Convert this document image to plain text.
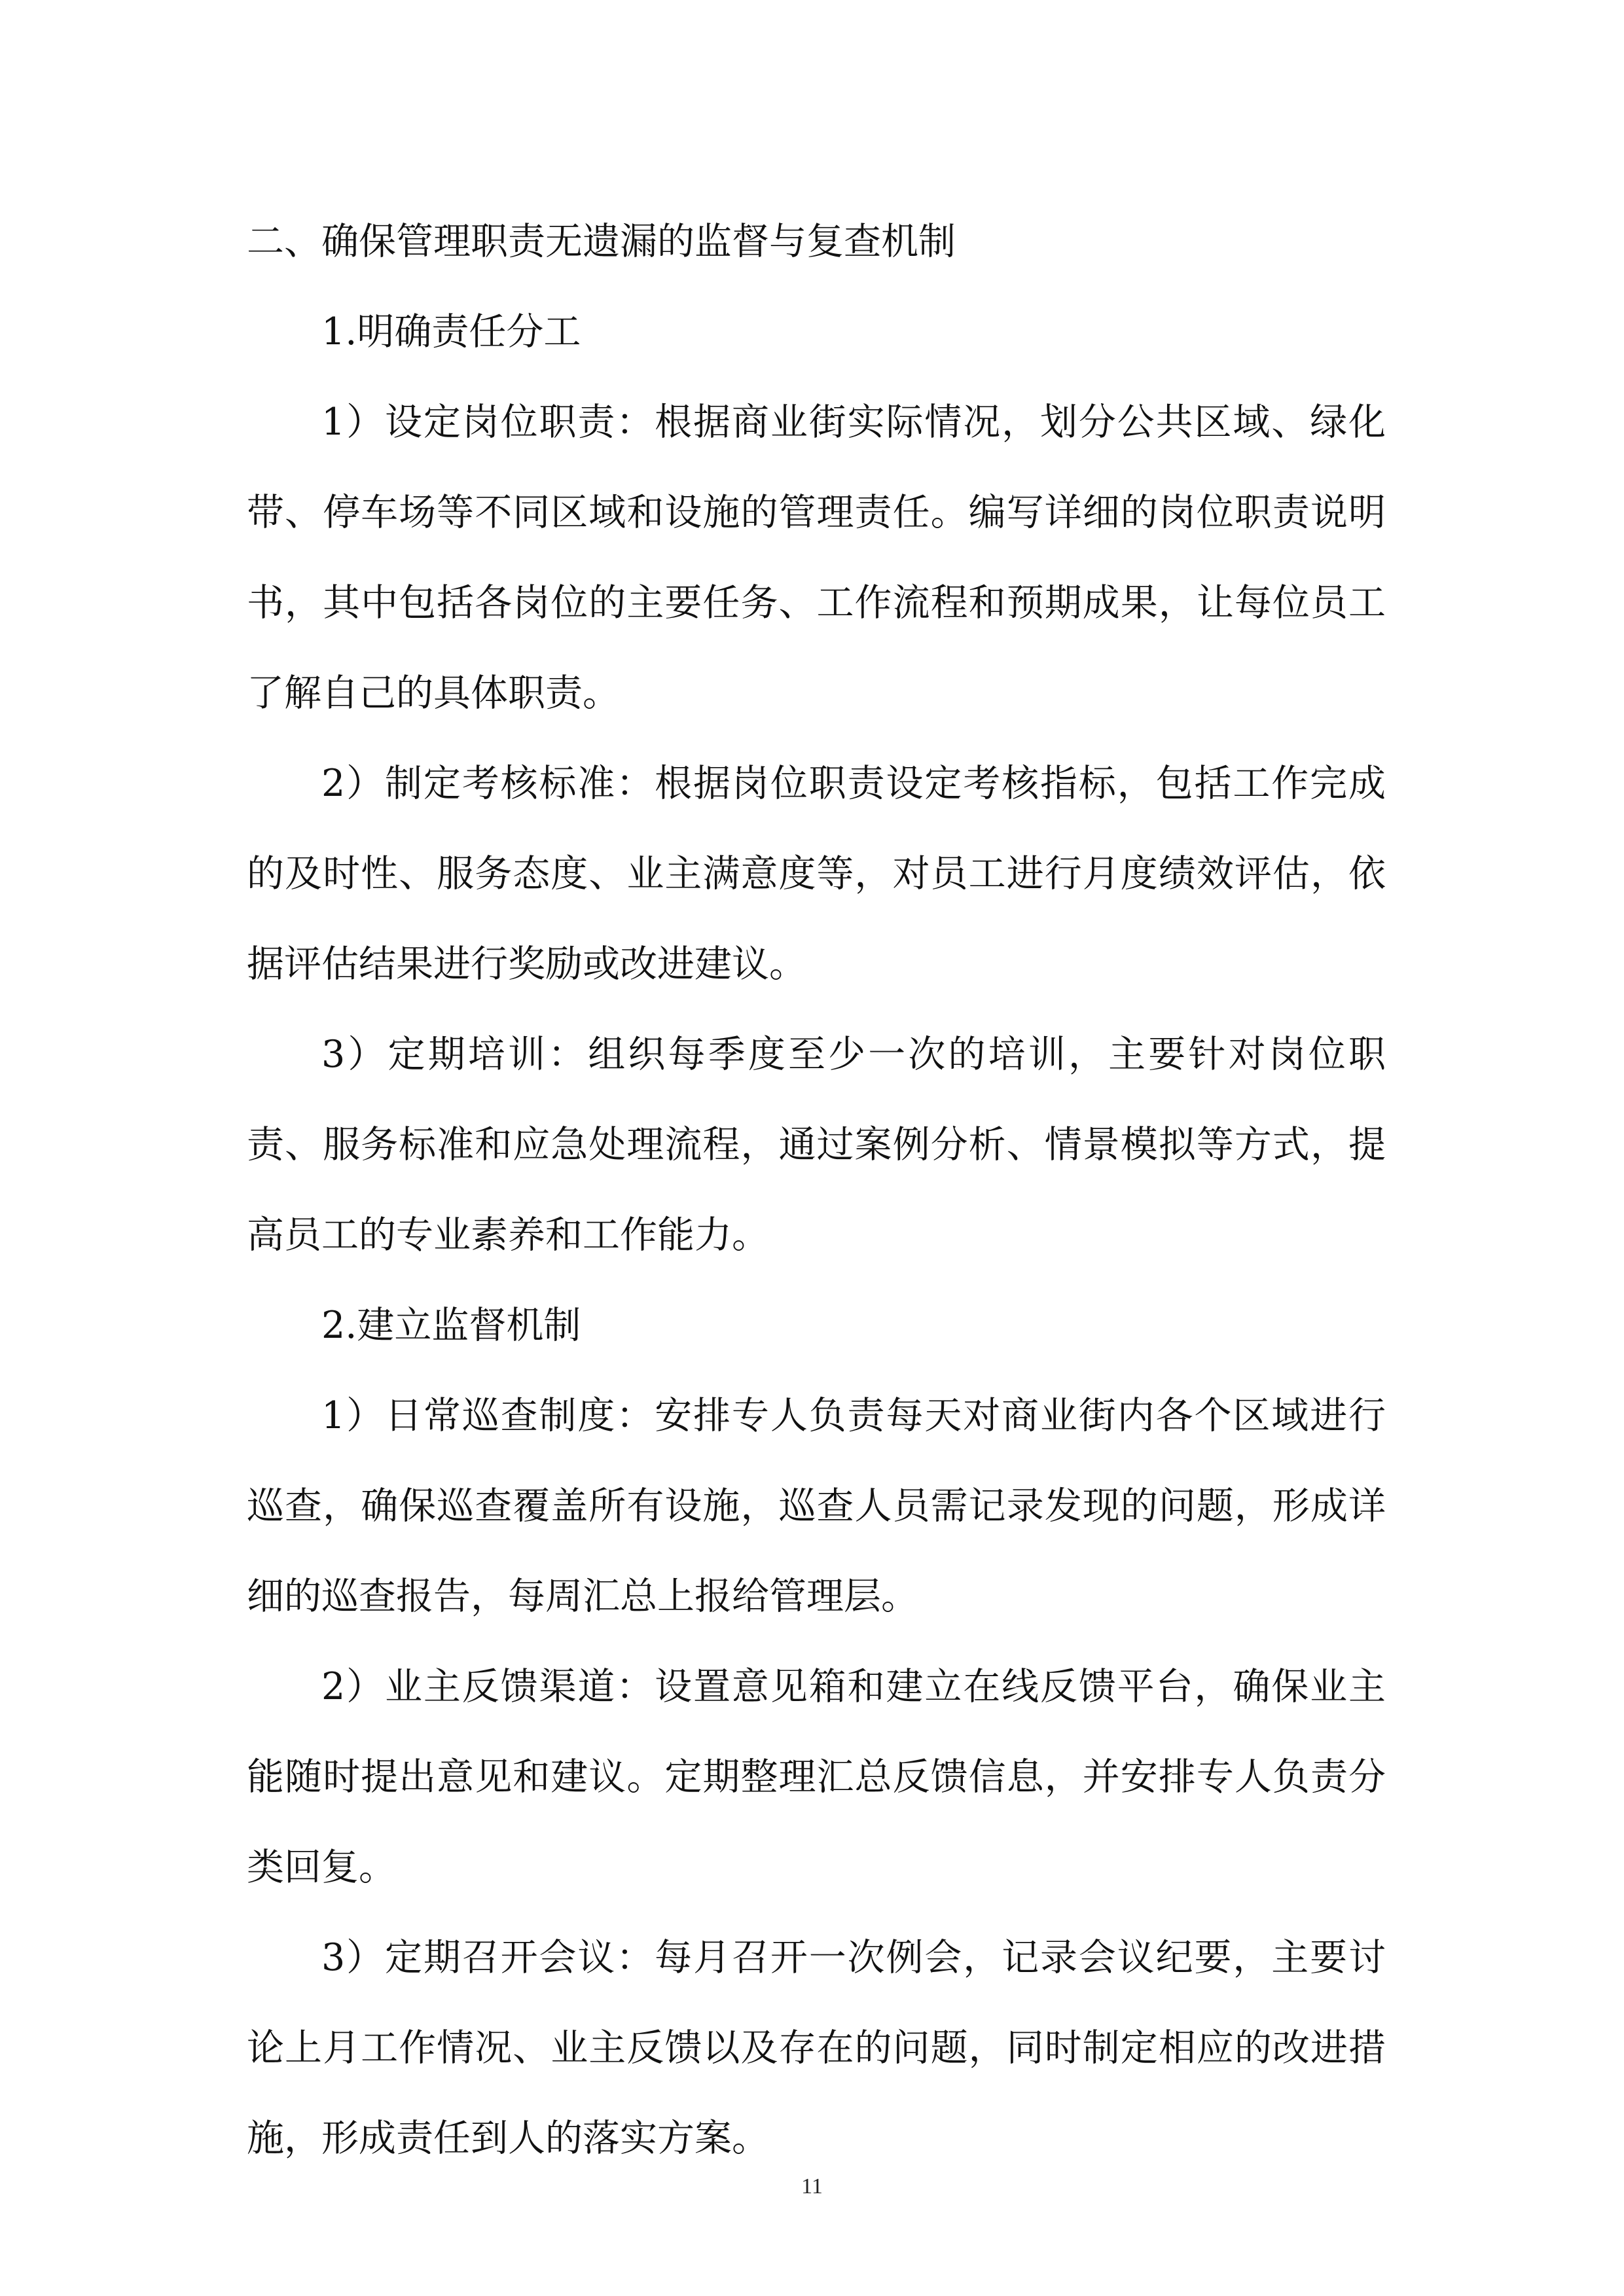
二、确保管理职责无遗漏的监督与复查机制

1.明确责任分工

1）设定岗位职责：根据商业街实际情况，划分公共区域、绿化带、停车场等不同区域和设施的管理责任。编写详细的岗位职责说明书，其中包括各岗位的主要任务、工作流程和预期成果，让每位员工了解自己的具体职责。

2）制定考核标准：根据岗位职责设定考核指标，包括工作完成的及时性、服务态度、业主满意度等，对员工进行月度绩效评估，依据评估结果进行奖励或改进建议。

3）定期培训：组织每季度至少一次的培训，主要针对岗位职责、服务标准和应急处理流程，通过案例分析、情景模拟等方式，提高员工的专业素养和工作能力。

2.建立监督机制

1）日常巡查制度：安排专人负责每天对商业街内各个区域进行巡查，确保巡查覆盖所有设施，巡查人员需记录发现的问题，形成详细的巡查报告，每周汇总上报给管理层。

2）业主反馈渠道：设置意见箱和建立在线反馈平台，确保业主能随时提出意见和建议。定期整理汇总反馈信息，并安排专人负责分类回复。

3）定期召开会议：每月召开一次例会，记录会议纪要，主要讨论上月工作情况、业主反馈以及存在的问题，同时制定相应的改进措施，形成责任到人的落实方案。

11
